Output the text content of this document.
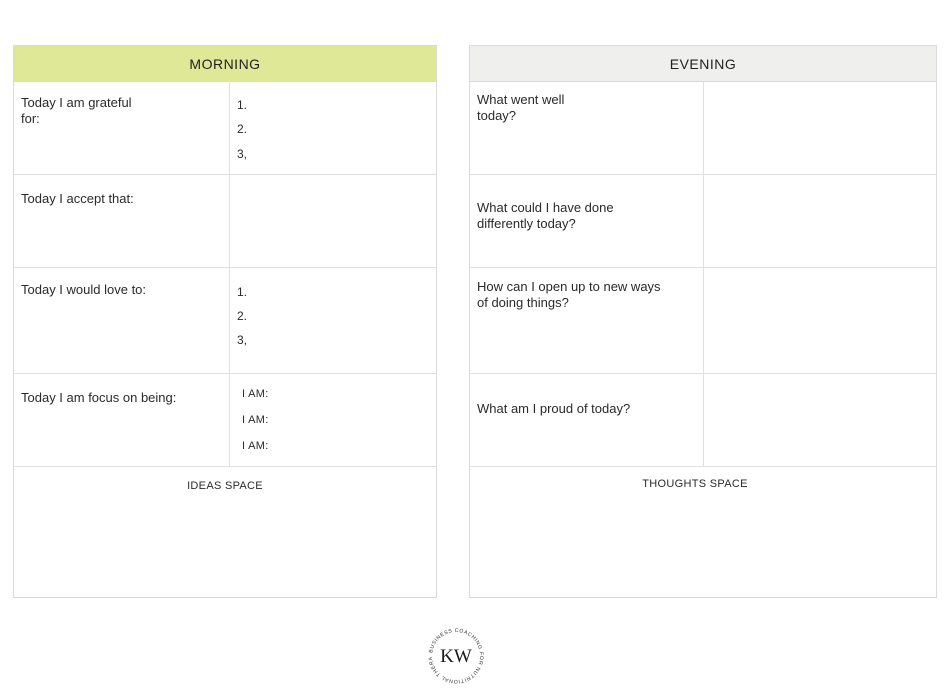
MORNING
Today I am grateful
for:
1.
2.
3,
Today I accept that:
Today I would love to:	1.
2.
3,
Today I am focus on being:	I AM:
I AM:
I AM:
IDEAS SPACE
EVENING
What went well
today?
What could I have done
differently today?
How can I open up to new ways
of doing things?
What am I proud of today?
THOUGHTS SPACE
BUSINESS COACHING FOR NUTRITIONAL THERA KW
